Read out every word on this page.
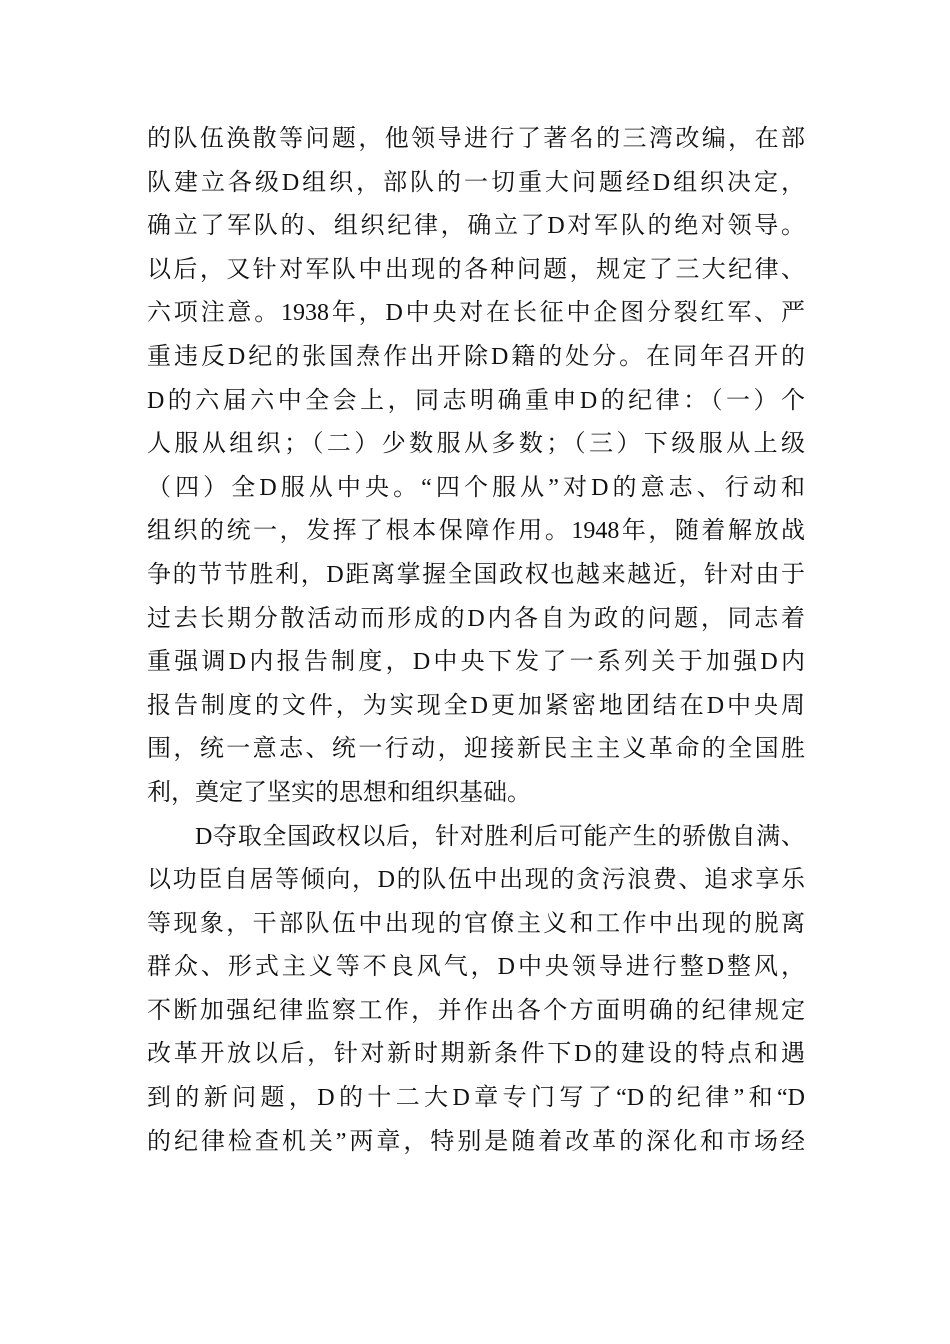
的队伍涣散等问题，他领导进行了著名的三湾改编，在部
队建立各级D组织，部队的一切重大问题经D组织决定，
确立了军队的、组织纪律，确立了D对军队的绝对领导。
以后，又针对军队中出现的各种问题，规定了三大纪律、
六项注意。1938年，D中央对在长征中企图分裂红军、严
重违反D纪的张国焘作出开除D籍的处分。在同年召开的
D的六届六中全会上，同志明确重申D的纪律：（一）个
人服从组织；（二）少数服从多数；（三）下级服从上级
（四）全D服从中央。“四个服从”对D的意志、行动和
组织的统一，发挥了根本保障作用。1948年，随着解放战
争的节节胜利，D距离掌握全国政权也越来越近，针对由于
过去长期分散活动而形成的D内各自为政的问题，同志着
重强调D内报告制度，D中央下发了一系列关于加强D内
报告制度的文件，为实现全D更加紧密地团结在D中央周
围，统一意志、统一行动，迎接新民主主义革命的全国胜
利，奠定了坚实的思想和组织基础。
D夺取全国政权以后，针对胜利后可能产生的骄傲自满、
以功臣自居等倾向，D的队伍中出现的贪污浪费、追求享乐
等现象，干部队伍中出现的官僚主义和工作中出现的脱离
群众、形式主义等不良风气，D中央领导进行整D整风，
不断加强纪律监察工作，并作出各个方面明确的纪律规定
改革开放以后，针对新时期新条件下D的建设的特点和遇
到的新问题，D的十二大D章专门写了“D的纪律”和“D
的纪律检查机关”两章，特别是随着改革的深化和市场经
